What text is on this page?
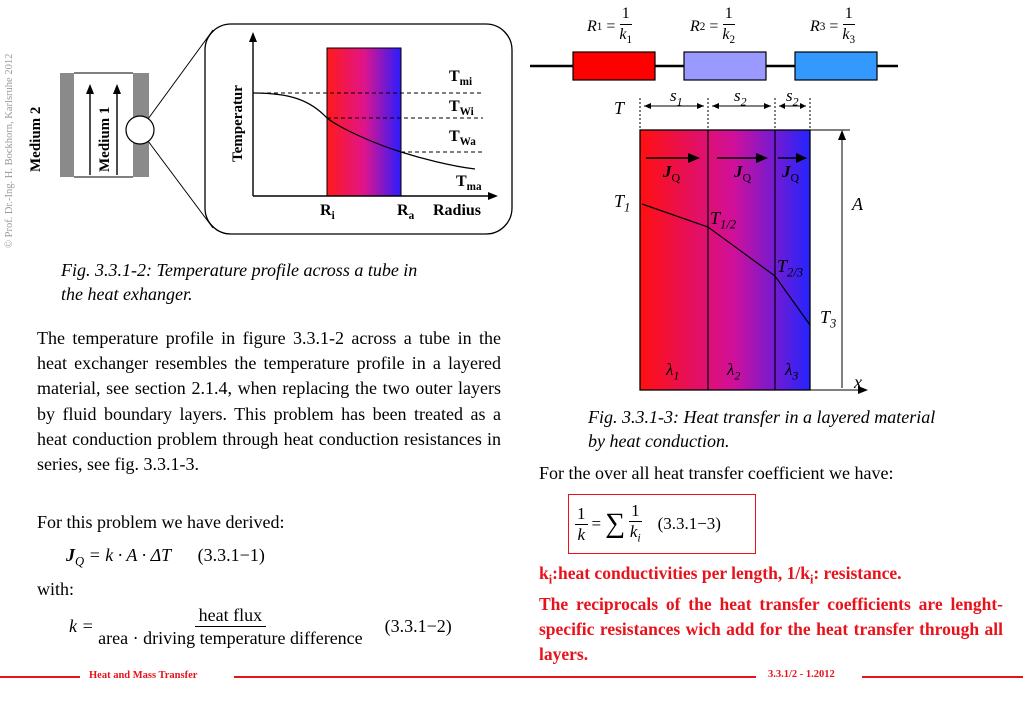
© Prof. Dr.-Ing. H. Bockhorn, Karlsruhe 2012 Medium 2	Medium 1	Temperatur
$T_{mi}$
$T_{Wi}$
$T_{Wa}$
$T_{ma}$
$R_i$	$R_a$ Radius
Fig. 3.3.1-2: Temperature profile across a tube in
the heat exhanger.
R 1
=
$\frac{1}{k_1}$	R 2
=
$\frac{1}{k_2}$	R 3
=
$\frac{1}{k_3}$
$s_1$	$s_2$ $s_2$
T
$T_1$
$T_{1/2}$
$T_{2/3}$
$T_3$
A
x
$J_Q$	$J_Q$ $J_Q$
$\lambda_1$	$\lambda_2$	$\lambda_3$
Fig. 3.3.1-3: Heat transfer in a layered material
by heat conduction.
The temperature profile in figure 3.3.1-2 across a tube in the heat exchanger resembles the temperature profile in a layered material, see section 2.1.4, when replacing the two outer layers by fluid boundary layers. This problem has been treated as a heat conduction problem through heat conduction resistances in series, see fig. 3.3.1-3.
For this problem we have derived:
$J_Q = k \cdot A \cdot \Delta T$ (3.3.1−1)
with:
k =
$\frac{\text{heat flux}}{\text{area · driving temperature difference}} (3.3.1-2)$
For the over all heat transfer coefficient we have:
$\frac{1}{k}$ = ∑ $\frac{1}{k_i} (3.3.1-3)$
$k_i:heat$ conductivities per length, $1/k_i$: resistance.
The reciprocals of the heat transfer coefficients are lenght-specific resistances wich add for the heat transfer through all layers.
Heat and Mass Transfer	3.3.1/2 - 1.2012
